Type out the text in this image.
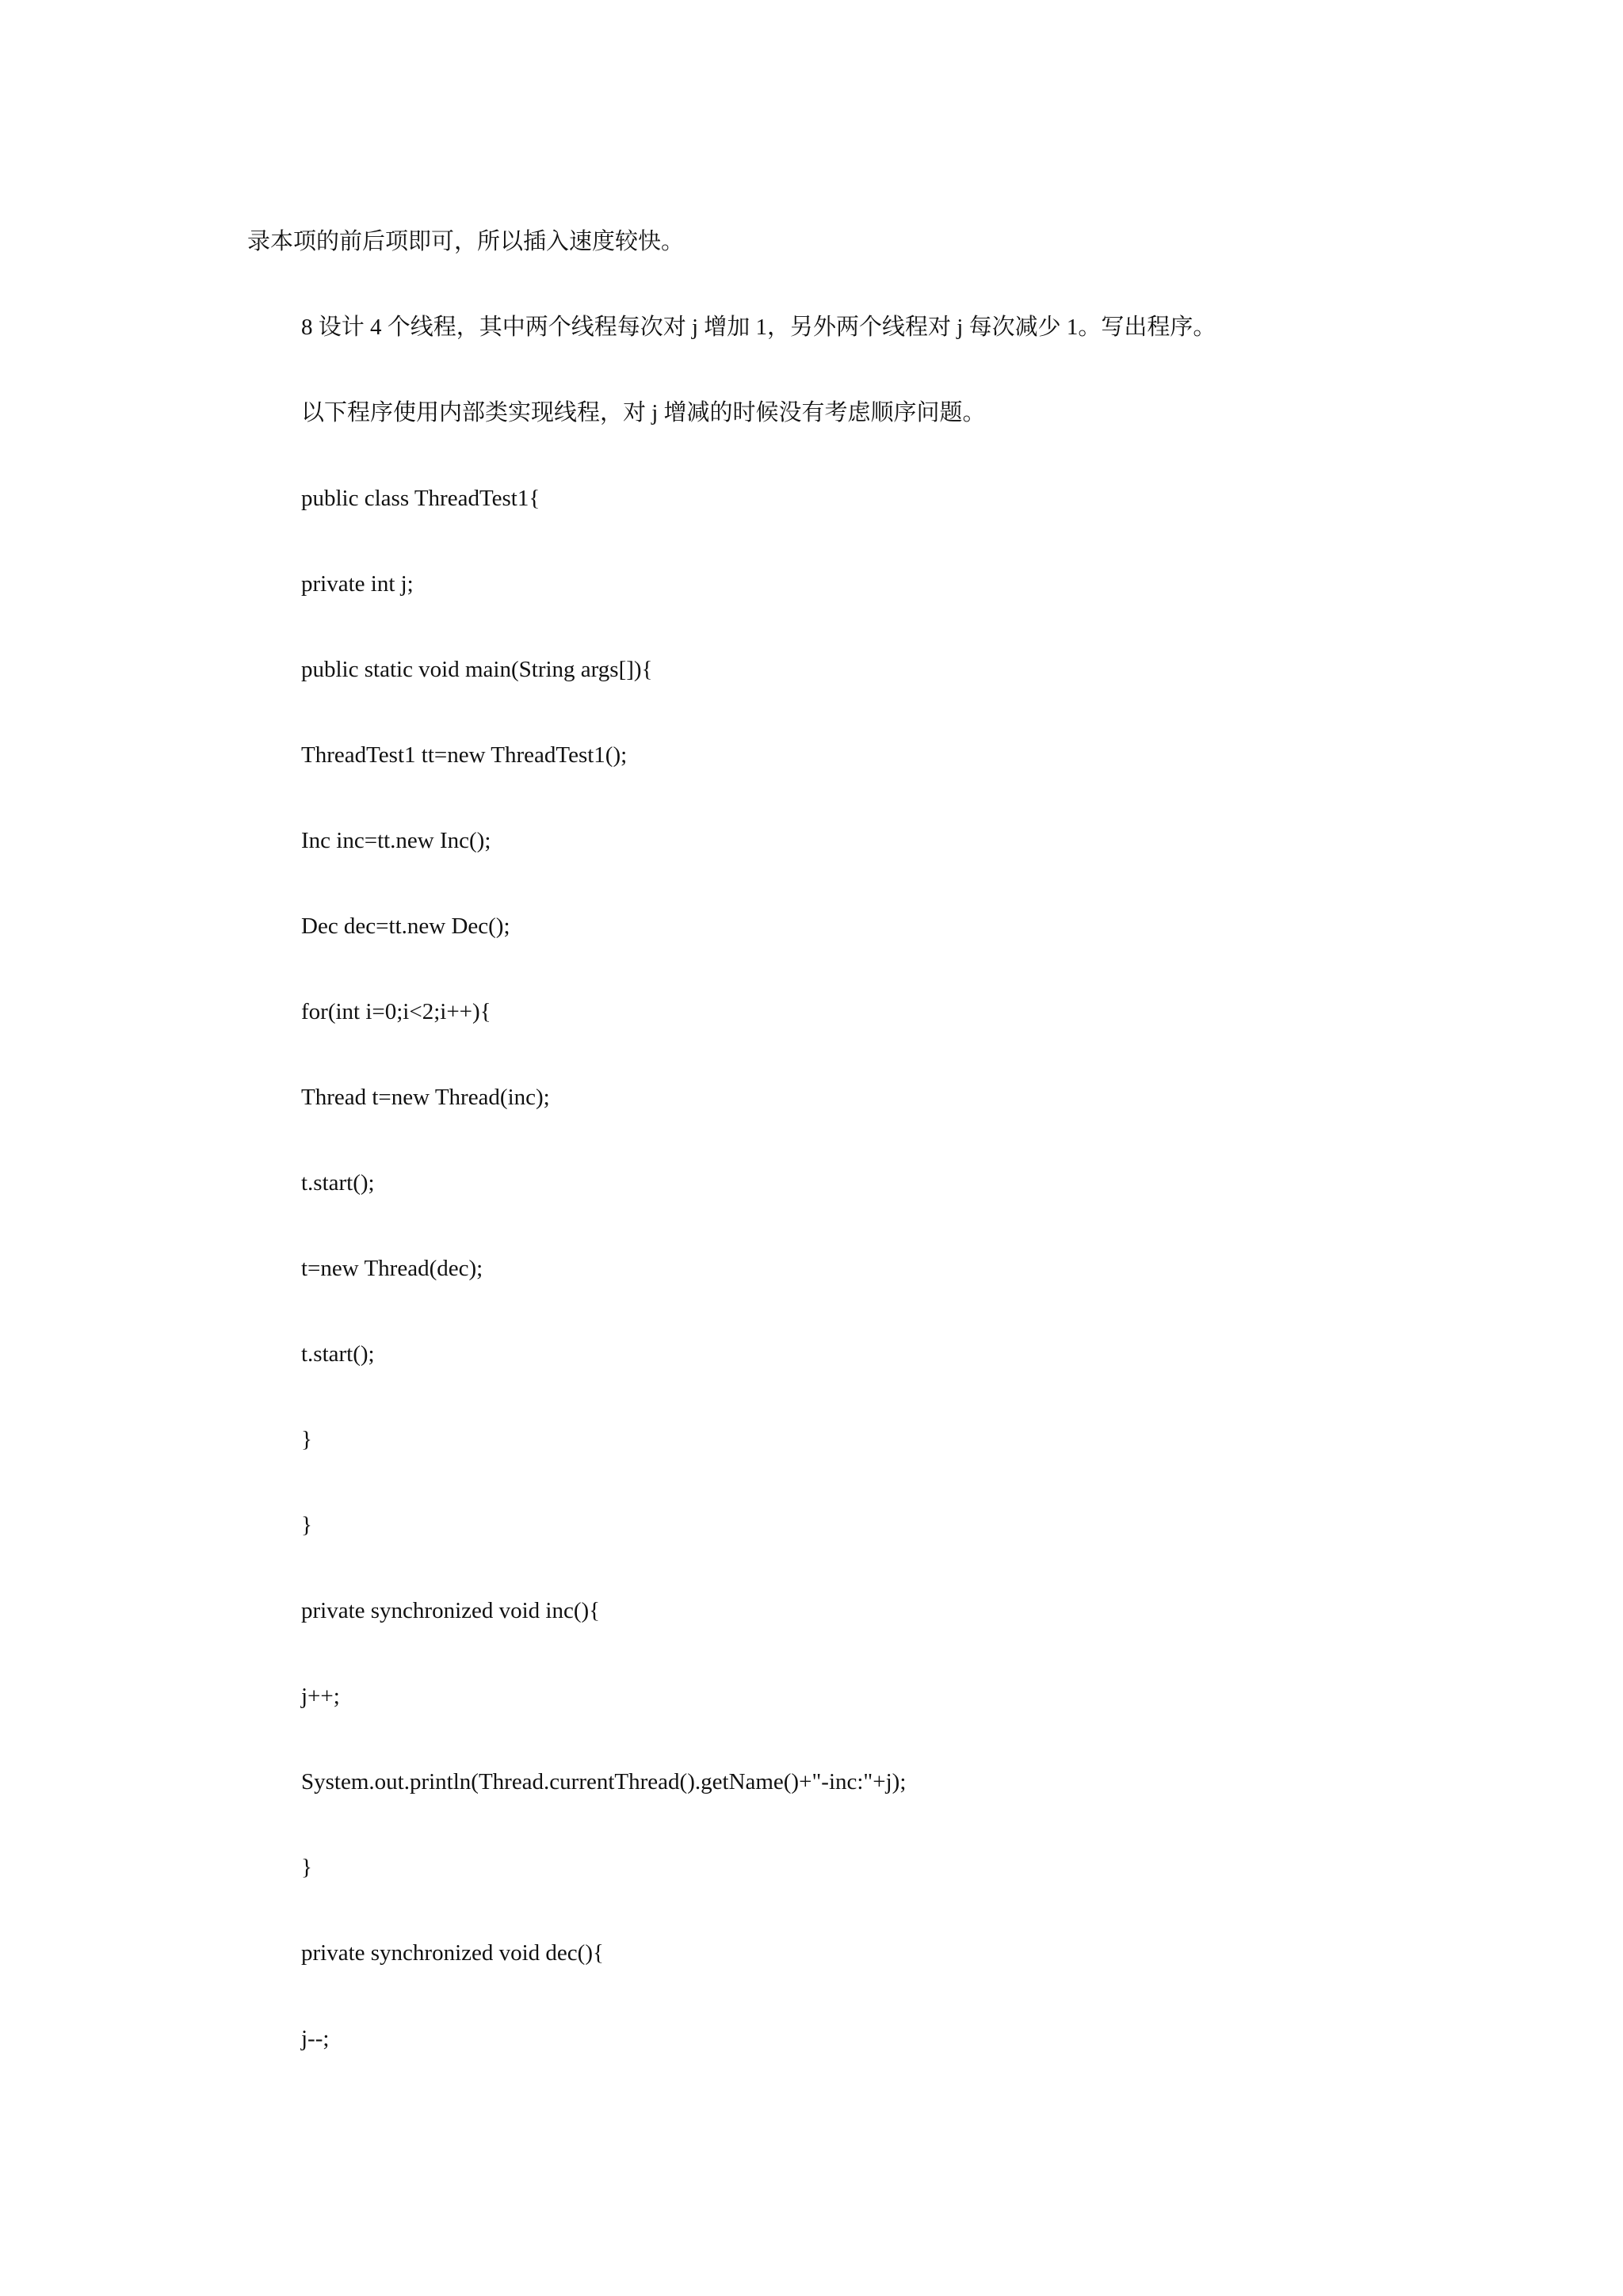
录本项的前后项即可，所以插入速度较快。

8 设计 4 个线程，其中两个线程每次对 j 增加 1，另外两个线程对 j 每次减少 1。写出程序。

以下程序使用内部类实现线程，对 j 增减的时候没有考虑顺序问题。

public class ThreadTest1{

private int j;

public static void main(String args[]){

ThreadTest1 tt=new ThreadTest1();

Inc inc=tt.new Inc();

Dec dec=tt.new Dec();

for(int i=0;i<2;i++){

Thread t=new Thread(inc);

t.start();

t=new Thread(dec);

t.start();

}

}

private synchronized void inc(){

j++;

System.out.println(Thread.currentThread().getName()+"-inc:"+j);

}

private synchronized void dec(){

j--;
